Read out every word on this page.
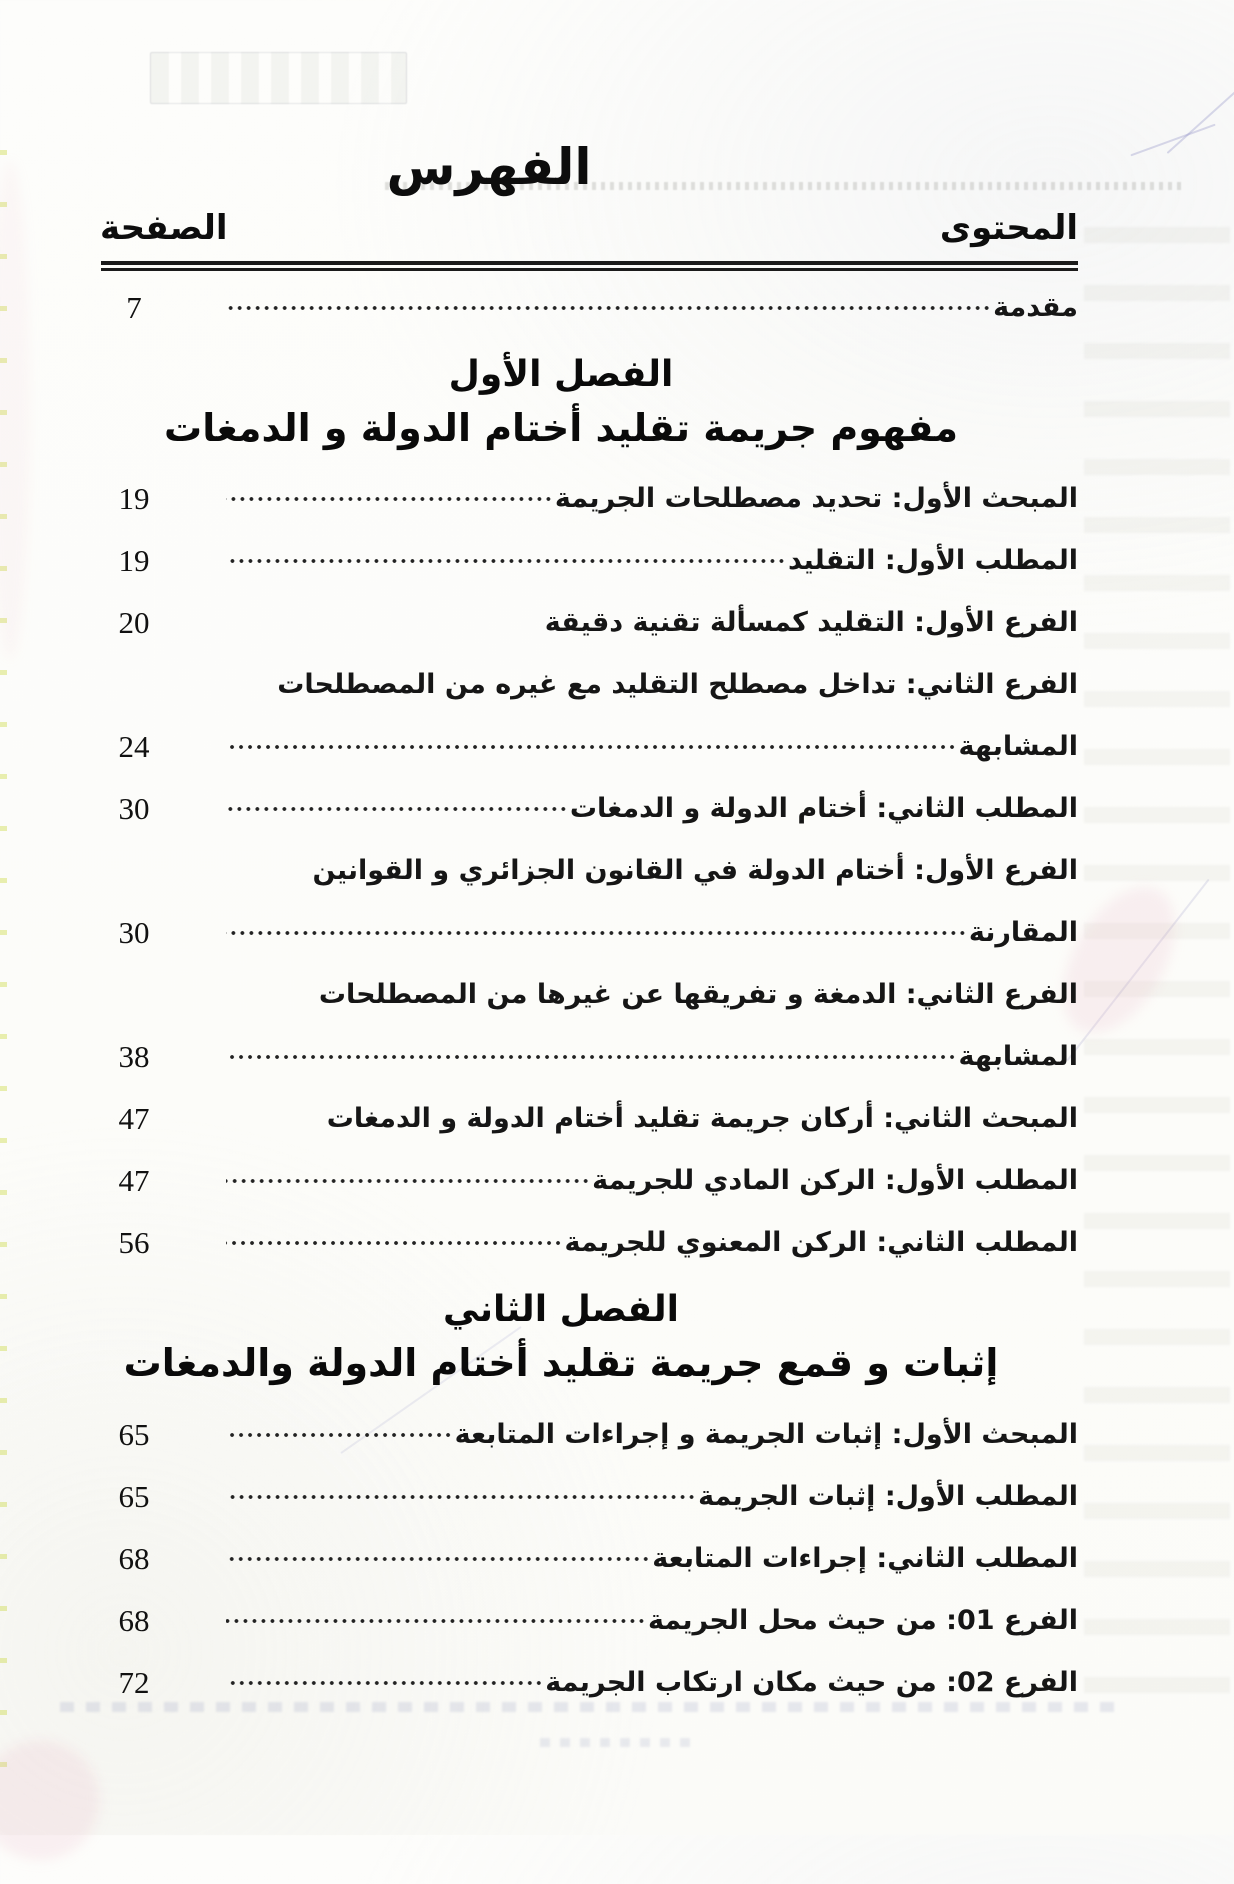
الفهرس
المحتوى
الصفحة
مقدمة
7
الفصل الأول
مفهوم جريمة تقليد أختام الدولة و الدمغات
المبحث الأول: تحديد مصطلحات الجريمة
19
المطلب الأول: التقليد
19
الفرع الأول: التقليد كمسألة تقنية دقيقة
20
الفرع الثاني: تداخل مصطلح التقليد مع غيره من المصطلحات
المشابهة
24
المطلب الثاني: أختام الدولة و الدمغات
30
الفرع الأول: أختام الدولة في القانون الجزائري و القوانين
المقارنة
30
الفرع الثاني: الدمغة و تفريقها عن غيرها من المصطلحات
المشابهة
38
المبحث الثاني: أركان جريمة تقليد أختام الدولة و الدمغات
47
المطلب الأول: الركن المادي للجريمة
47
المطلب الثاني: الركن المعنوي للجريمة
56
الفصل الثاني
إثبات و قمع جريمة تقليد أختام الدولة والدمغات
المبحث الأول: إثبات الجريمة و إجراءات المتابعة
65
المطلب الأول: إثبات الجريمة
65
المطلب الثاني: إجراءات المتابعة
68
الفرع 01: من حيث محل الجريمة
68
الفرع 02: من حيث مكان ارتكاب الجريمة
72
